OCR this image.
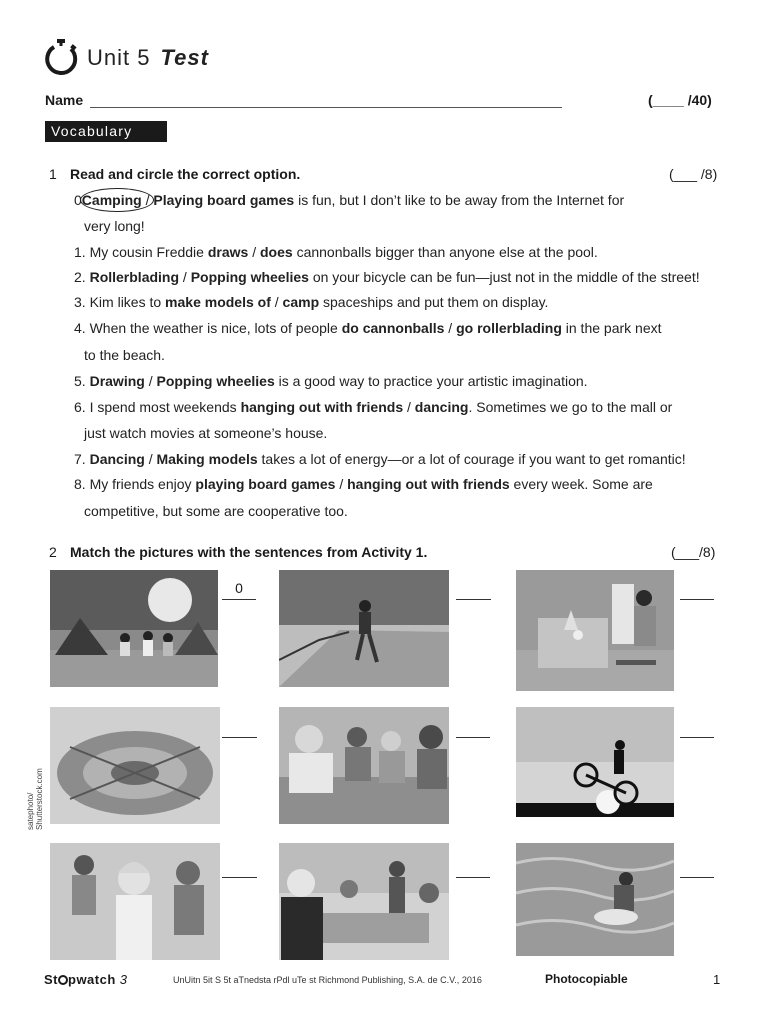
Unit 5 Test
Name	(____ /40)
Vocabulary
1 Read and circle the correct option.	(___ /8)
0Camping / Playing board games is fun, but I don’t like to be away from the Internet for
very long!
1. My cousin Freddie draws / does cannonballs bigger than anyone else at the pool.
2. Rollerblading / Popping wheelies on your bicycle can be fun—just not in the middle of the street!
3. Kim likes to make models of / camp spaceships and put them on display.
4. When the weather is nice, lots of people do cannonballs / go rollerblading in the park next
to the beach.
5. Drawing / Popping wheelies is a good way to practice your artistic imagination.
6. I spend most weekends hanging out with friends / dancing. Sometimes we go to the mall or
just watch movies at someone’s house.
7. Dancing / Making models takes a lot of energy—or a lot of courage if you want to get romantic!
8. My friends enjoy playing board games / hanging out with friends every week. Some are
competitive, but some are cooperative too.
2 Match the pictures with the sentences from Activity 1.	(___/8)
0
satephoto/
Shutterstock.com
St pwatch 3	UnUitn 5it S 5t aTnedsta rPdl uTe st Richmond Publishing, S.A. de C.V., 2016	Photocopiable	1
